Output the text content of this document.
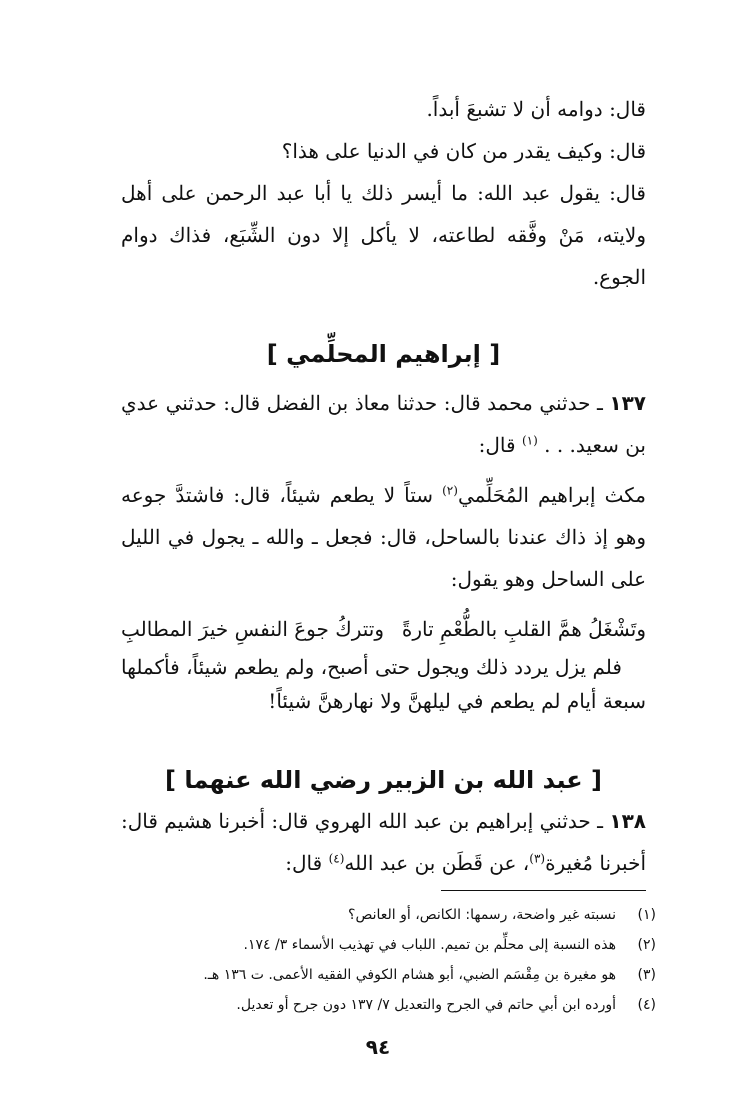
قال: دوامه أن لا تشبعَ أبداً.

قال: وكيف يقدر من كان في الدنيا على هذا؟

قال: يقول عبد الله: ما أيسر ذلك يا أبا عبد الرحمن على أهل ولايته، مَنْ وفَّقه لطاعته، لا يأكل إلا دون الشِّبَع، فذاك دوام الجوع.

[ إبراهيم المحلِّمي ]

١٣٧ ـ حدثني محمد قال: حدثنا معاذ بن الفضل قال: حدثني عدي بن سعيد. . . $^{(١)}$ قال:

مكث إبراهيم المُحَلِّمي$^{(٢)}$ ستاً لا يطعم شيئاً، قال: فاشتدَّ جوعه وهو إذ ذاك عندنا بالساحل، قال: فجعل ـ والله ـ يجول في الليل على الساحل وهو يقول:

وتَشْغَلُ همَّ القلبِ بالطُّعْمِ تارةً
وتتركُ جوعَ النفسِ خيرَ المطالبِ

فلم يزل يردد ذلك ويجول حتى أصبح، ولم يطعم شيئاً، فأكملها سبعة أيام لم يطعم في ليلهنَّ ولا نهارهنَّ شيئاً!

[ عبد الله بن الزبير رضي الله عنهما ]

١٣٨ ـ حدثني إبراهيم بن عبد الله الهروي قال: أخبرنا هشيم قال: أخبرنا مُغيرة$^{(٣)}$، عن قَطَن بن عبد الله$^{(٤)}$ قال:

(١)
نسبته غير واضحة، رسمها: الكانص، أو العانص؟
(٢)
هذه النسبة إلى محلِّم بن تميم. اللباب في تهذيب الأسماء ٣/ ١٧٤.
(٣)
هو مغيرة بن مِقْسَم الضبي، أبو هشام الكوفي الفقيه الأعمى. ت ١٣٦ هـ.
(٤)
أورده ابن أبي حاتم في الجرح والتعديل ٧/ ١٣٧ دون جرح أو تعديل.
٩٤
